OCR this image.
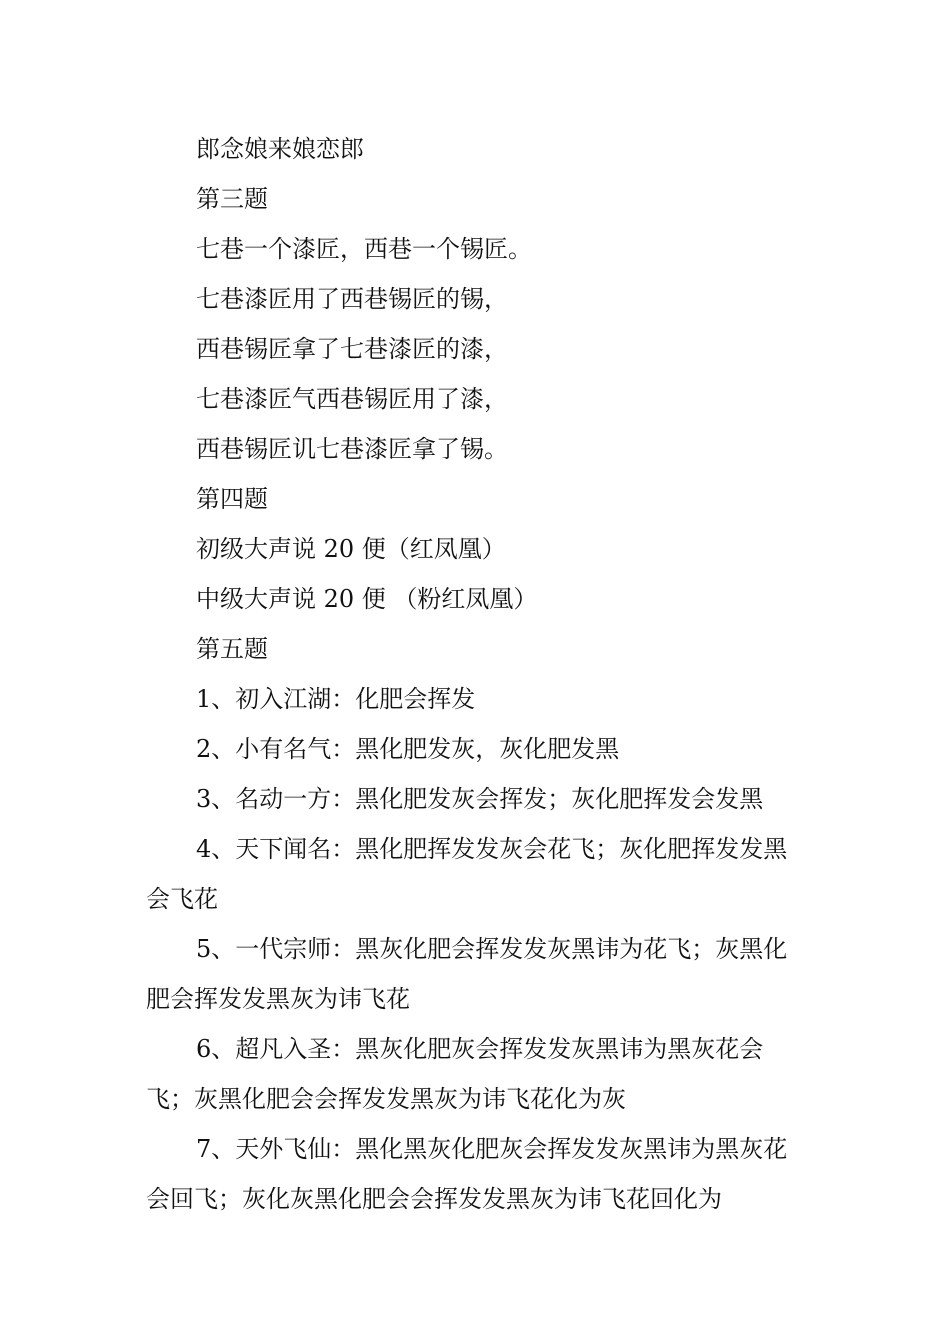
郎念娘来娘恋郎

第三题

七巷一个漆匠，西巷一个锡匠。

七巷漆匠用了西巷锡匠的锡，

西巷锡匠拿了七巷漆匠的漆，

七巷漆匠气西巷锡匠用了漆，

西巷锡匠讥七巷漆匠拿了锡。

第四题

初级大声说 20 便（红凤凰）

中级大声说 20 便 （粉红凤凰）

第五题

1、初入江湖：化肥会挥发

2、小有名气：黑化肥发灰，灰化肥发黑

3、名动一方：黑化肥发灰会挥发；灰化肥挥发会发黑

4、天下闻名：黑化肥挥发发灰会花飞；灰化肥挥发发黑会飞花

5、一代宗师：黑灰化肥会挥发发灰黑讳为花飞；灰黑化肥会挥发发黑灰为讳飞花

6、超凡入圣：黑灰化肥灰会挥发发灰黑讳为黑灰花会飞；灰黑化肥会会挥发发黑灰为讳飞花化为灰

7、天外飞仙：黑化黑灰化肥灰会挥发发灰黑讳为黑灰花会回飞；灰化灰黑化肥会会挥发发黑灰为讳飞花回化为
